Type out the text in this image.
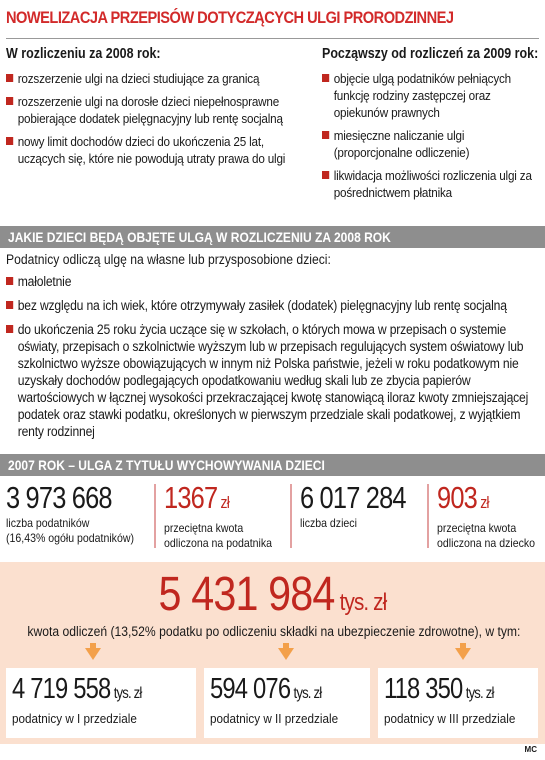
NOWELIZACJA PRZEPISÓW DOTYCZĄCYCH ULGI PRORODZINNEJ
W rozliczeniu za 2008 rok:
rozszerzenie ulgi na dzieci studiujące za granicą
rozszerzenie ulgi na dorosłe dzieci niepełnosprawne pobierające dodatek pielęgnacyjny lub rentę socjalną
nowy limit dochodów dzieci do ukończenia 25 lat, uczących się, które nie powodują utraty prawa do ulgi
Począwszy od rozliczeń za 2009 rok:
objęcie ulgą podatników pełniących funkcję rodziny zastępczej oraz opiekunów prawnych
miesięczne naliczanie ulgi (proporcjonalne odliczenie)
likwidacja możliwości rozliczenia ulgi za pośrednictwem płatnika
JAKIE DZIECI BĘDĄ OBJĘTE ULGĄ W ROZLICZENIU ZA 2008 ROK
Podatnicy odliczą ulgę na własne lub przysposobione dzieci:
małoletnie
bez względu na ich wiek, które otrzymywały zasiłek (dodatek) pielęgnacyjny lub rentę socjalną
do ukończenia 25 roku życia uczące się w szkołach, o których mowa w przepisach o systemie oświaty, przepisach o szkolnictwie wyższym lub w przepisach regulujących system oświatowy lub szkolnictwo wyższe obowiązujących w innym niż Polska państwie, jeżeli w roku podatkowym nie uzyskały dochodów podlegających opodatkowaniu według skali lub ze zbycia papierów wartościowych w łącznej wysokości przekraczającej kwotę stanowiącą iloraz kwoty zmniejszającej podatek oraz stawki podatku, określonych w pierwszym przedziale skali podatkowej, z wyjątkiem renty rodzinnej
2007 ROK – ULGA Z TYTUŁU WYCHOWYWANIA DZIECI
3 973 668
liczba podatników
(16,43% ogółu podatników)
1367 zł
przeciętna kwota
odliczona na podatnika
6 017 284
liczba dzieci
903 zł
przeciętna kwota
odliczona na dziecko
5 431 984 tys. zł
kwota odliczeń (13,52% podatku po odliczeniu składki na ubezpieczenie zdrowotne), w tym:
4 719 558 tys. zł
podatnicy w I przedziale
594 076 tys. zł
podatnicy w II przedziale
118 350 tys. zł
podatnicy w III przedziale
MC
